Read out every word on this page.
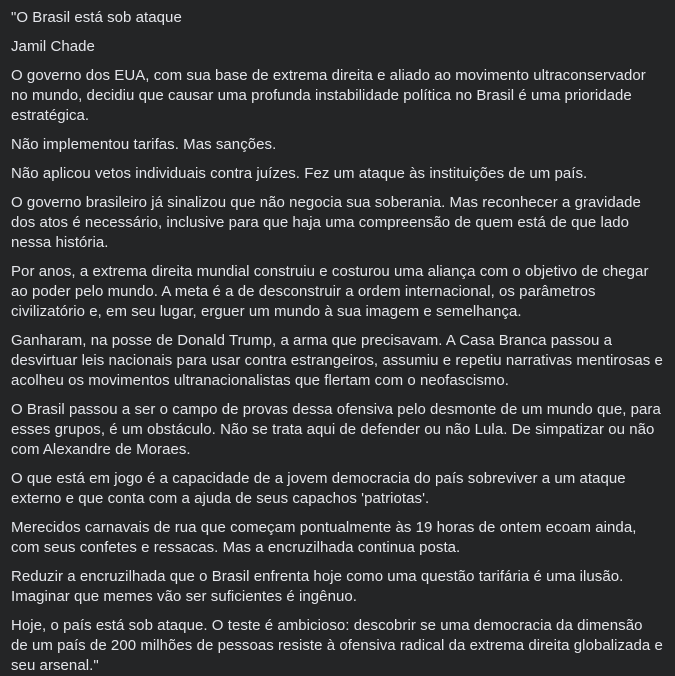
"O Brasil está sob ataque

Jamil Chade

O governo dos EUA, com sua base de extrema direita e aliado ao movimento ultraconservador no mundo, decidiu que causar uma profunda instabilidade política no Brasil é uma prioridade estratégica.

Não implementou tarifas. Mas sanções.

Não aplicou vetos individuais contra juízes. Fez um ataque às instituições de um país.

O governo brasileiro já sinalizou que não negocia sua soberania. Mas reconhecer a gravidade dos atos é necessário, inclusive para que haja uma compreensão de quem está de que lado nessa história.

Por anos, a extrema direita mundial construiu e costurou uma aliança com o objetivo de chegar ao poder pelo mundo. A meta é a de desconstruir a ordem internacional, os parâmetros civilizatório e, em seu lugar, erguer um mundo à sua imagem e semelhança.

Ganharam, na posse de Donald Trump, a arma que precisavam. A Casa Branca passou a desvirtuar leis nacionais para usar contra estrangeiros, assumiu e repetiu narrativas mentirosas e acolheu os movimentos ultranacionalistas que flertam com o neofascismo.

O Brasil passou a ser o campo de provas dessa ofensiva pelo desmonte de um mundo que, para esses grupos, é um obstáculo. Não se trata aqui de defender ou não Lula. De simpatizar ou não com Alexandre de Moraes.

O que está em jogo é a capacidade de a jovem democracia do país sobreviver a um ataque externo e que conta com a ajuda de seus capachos 'patriotas'.

Merecidos carnavais de rua que começam pontualmente às 19 horas de ontem ecoam ainda, com seus confetes e ressacas. Mas a encruzilhada continua posta.

Reduzir a encruzilhada que o Brasil enfrenta hoje como uma questão tarifária é uma ilusão. Imaginar que memes vão ser suficientes é ingênuo.

Hoje, o país está sob ataque. O teste é ambicioso: descobrir se uma democracia da dimensão de um país de 200 milhões de pessoas resiste à ofensiva radical da extrema direita globalizada e seu arsenal."
